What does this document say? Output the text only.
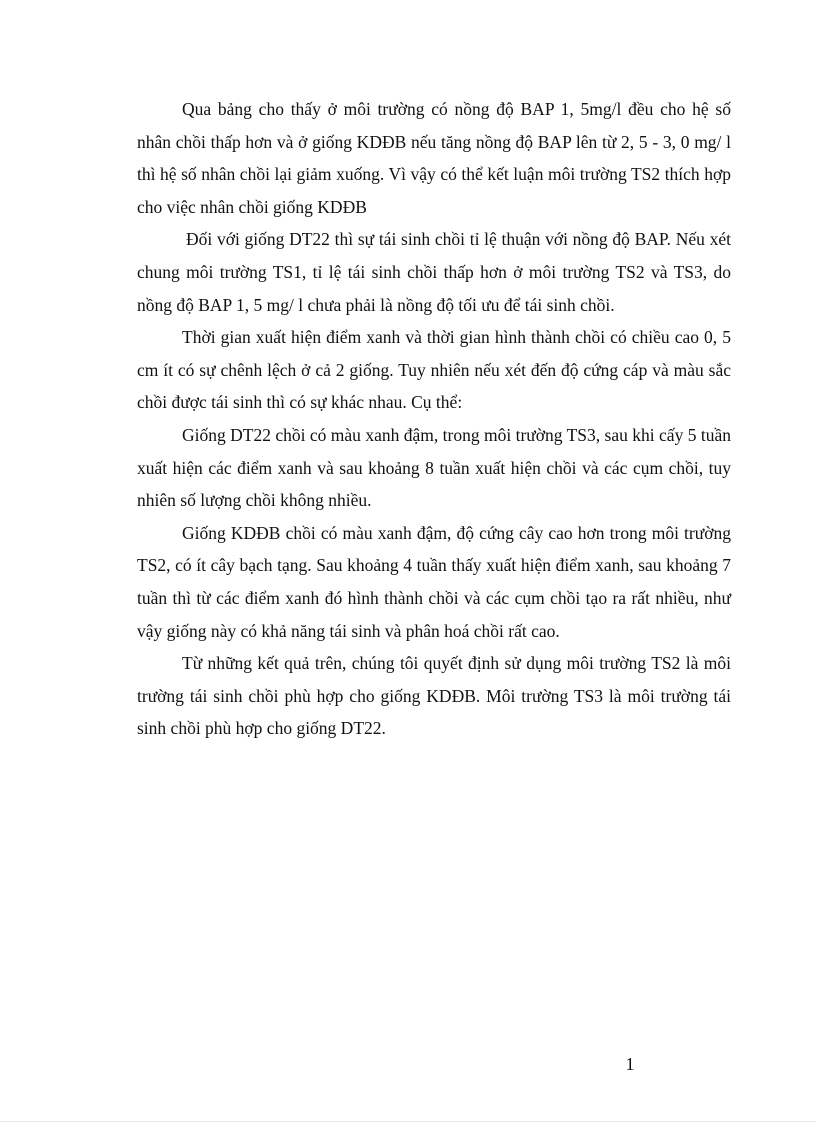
Qua bảng cho thấy ở môi trường có nồng độ BAP 1, 5mg/l đều cho hệ số nhân chồi thấp hơn và ở giống KDĐB nếu tăng nồng độ BAP lên từ 2, 5 - 3, 0 mg/ l thì hệ số nhân chồi lại giảm xuống. Vì vậy có thể kết luận môi trường TS2 thích hợp cho việc nhân chồi giống KDĐB

Đối với giống DT22 thì sự tái sinh chồi tỉ lệ thuận với nồng độ BAP. Nếu xét chung môi trường TS1, tỉ lệ tái sinh chồi thấp hơn ở môi trường TS2 và TS3, do nồng độ BAP 1, 5 mg/ l chưa phải là nồng độ tối ưu để tái sinh chồi.

Thời gian xuất hiện điểm xanh và thời gian hình thành chồi có chiều cao 0, 5 cm ít có sự chênh lệch ở cả 2 giống. Tuy nhiên nếu xét đến độ cứng cáp và màu sắc chồi được tái sinh thì có sự khác nhau. Cụ thể:

Giống DT22 chồi có màu xanh đậm, trong môi trường TS3, sau khi cấy 5 tuần xuất hiện các điểm xanh và sau khoảng 8 tuần xuất hiện chồi và các cụm chồi, tuy nhiên số lượng chồi không nhiều.

Giống KDĐB chồi có màu xanh đậm, độ cứng cây cao hơn trong môi trường TS2, có ít cây bạch tạng. Sau khoảng 4 tuần thấy xuất hiện điểm xanh, sau khoảng 7 tuần thì từ các điểm xanh đó hình thành chồi và các cụm chồi tạo ra rất nhiều, như vậy giống này có khả năng tái sinh và phân hoá chồi rất cao.

Từ những kết quả trên, chúng tôi quyết định sử dụng môi trường TS2 là môi trường tái sinh chồi phù hợp cho giống KDĐB. Môi trường TS3 là môi trường tái sinh chồi phù hợp cho giống DT22.

1
